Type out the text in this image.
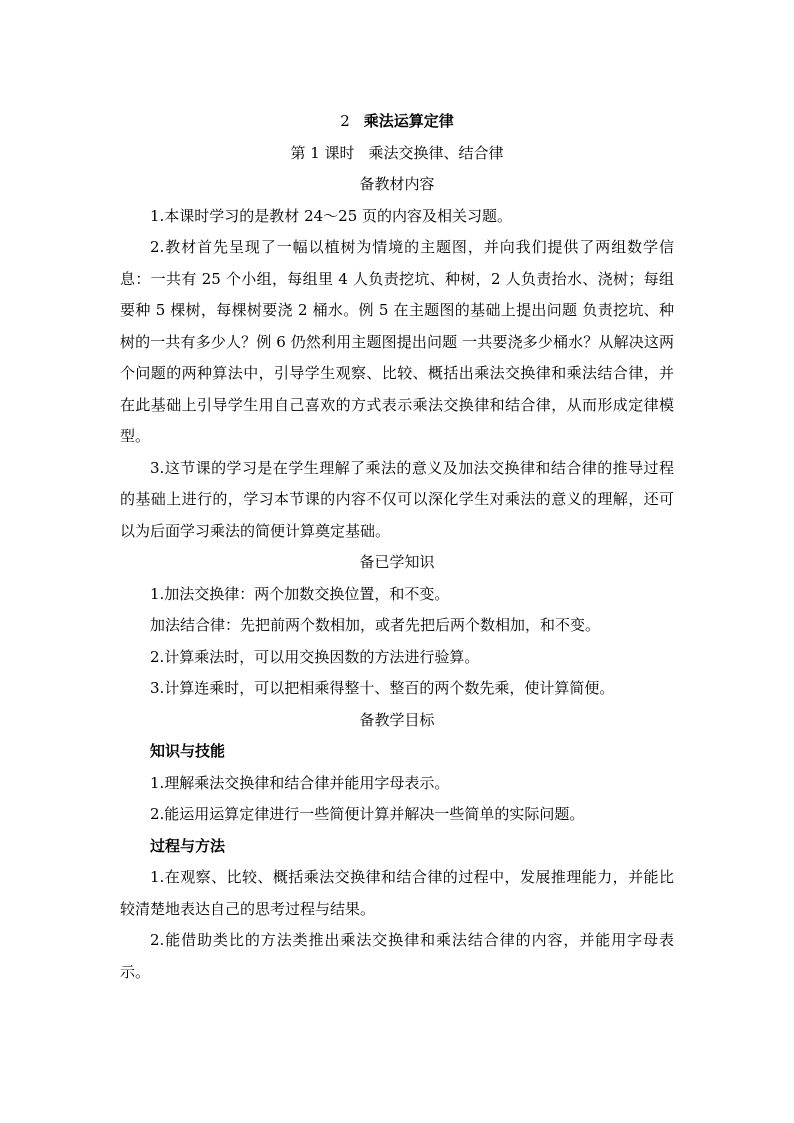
2 乘法运算定律

第 1 课时 乘法交换律、结合律

备教材内容

1.本课时学习的是教材 24～25 页的内容及相关习题。

2.教材首先呈现了一幅以植树为情境的主题图，并向我们提供了两组数学信息：一共有 25 个小组，每组里 4 人负责挖坑、种树，2 人负责抬水、浇树；每组要种 5 棵树，每棵树要浇 2 桶水。例 5 在主题图的基础上提出问题 负责挖坑、种树的一共有多少人？例 6 仍然利用主题图提出问题 一共要浇多少桶水？从解决这两个问题的两种算法中，引导学生观察、比较、概括出乘法交换律和乘法结合律，并在此基础上引导学生用自己喜欢的方式表示乘法交换律和结合律，从而形成定律模型。

3.这节课的学习是在学生理解了乘法的意义及加法交换律和结合律的推导过程的基础上进行的，学习本节课的内容不仅可以深化学生对乘法的意义的理解，还可以为后面学习乘法的简便计算奠定基础。

备已学知识

1.加法交换律：两个加数交换位置，和不变。

加法结合律：先把前两个数相加，或者先把后两个数相加，和不变。

2.计算乘法时，可以用交换因数的方法进行验算。

3.计算连乘时，可以把相乘得整十、整百的两个数先乘，使计算简便。

备教学目标

知识与技能

1.理解乘法交换律和结合律并能用字母表示。

2.能运用运算定律进行一些简便计算并解决一些简单的实际问题。

过程与方法

1.在观察、比较、概括乘法交换律和结合律的过程中，发展推理能力，并能比较清楚地表达自己的思考过程与结果。

2.能借助类比的方法类推出乘法交换律和乘法结合律的内容，并能用字母表示。
